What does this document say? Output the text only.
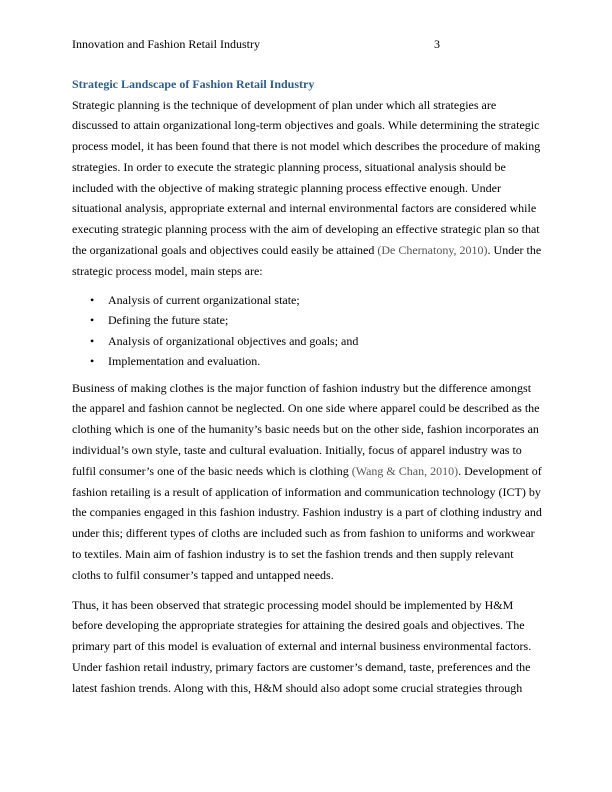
Innovation and Fashion Retail Industry	3
Strategic Landscape of Fashion Retail Industry

Strategic planning is the technique of development of plan under which all strategies are discussed to attain organizational long-term objectives and goals. While determining the strategic process model, it has been found that there is not model which describes the procedure of making strategies. In order to execute the strategic planning process, situational analysis should be included with the objective of making strategic planning process effective enough. Under situational analysis, appropriate external and internal environmental factors are considered while executing strategic planning process with the aim of developing an effective strategic plan so that the organizational goals and objectives could easily be attained (De Chernatony, 2010). Under the strategic process model, main steps are:

• Analysis of current organizational state;
• Defining the future state;
• Analysis of organizational objectives and goals; and
• Implementation and evaluation.

Business of making clothes is the major function of fashion industry but the difference amongst the apparel and fashion cannot be neglected. On one side where apparel could be described as the clothing which is one of the humanity’s basic needs but on the other side, fashion incorporates an individual’s own style, taste and cultural evaluation. Initially, focus of apparel industry was to fulfil consumer’s one of the basic needs which is clothing (Wang & Chan, 2010). Development of fashion retailing is a result of application of information and communication technology (ICT) by the companies engaged in this fashion industry. Fashion industry is a part of clothing industry and under this; different types of cloths are included such as from fashion to uniforms and workwear to textiles. Main aim of fashion industry is to set the fashion trends and then supply relevant cloths to fulfil consumer’s tapped and untapped needs.

Thus, it has been observed that strategic processing model should be implemented by H&M before developing the appropriate strategies for attaining the desired goals and objectives. The primary part of this model is evaluation of external and internal business environmental factors. Under fashion retail industry, primary factors are customer’s demand, taste, preferences and the latest fashion trends. Along with this, H&M should also adopt some crucial strategies through
